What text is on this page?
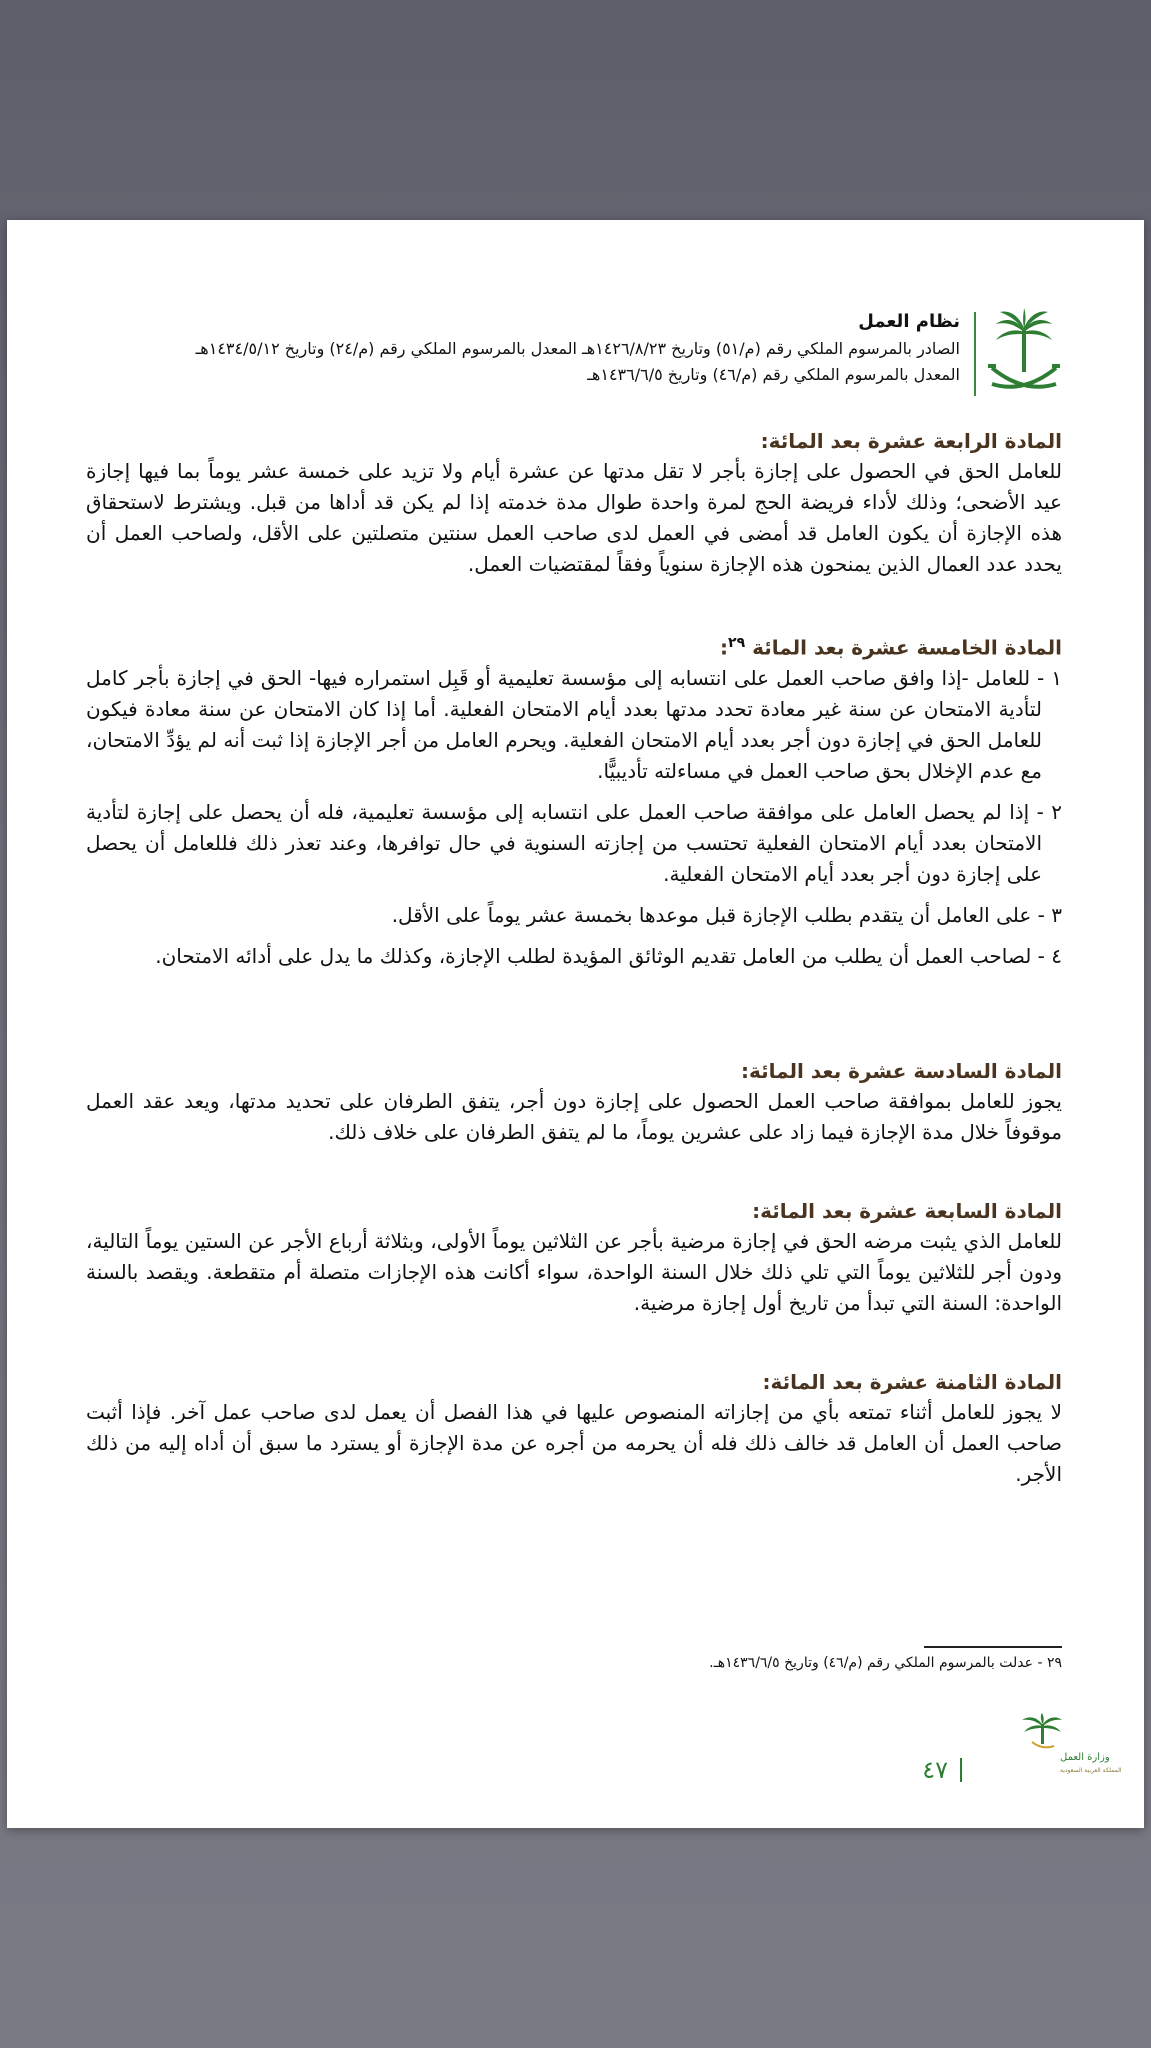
نظام العمل
الصادر بالمرسوم الملكي رقم (م/٥١) وتاريخ ١٤٢٦/٨/٢٣هـ المعدل بالمرسوم الملكي رقم (م/٢٤) وتاريخ ١٤٣٤/٥/١٢هـ
المعدل بالمرسوم الملكي رقم (م/٤٦) وتاريخ ١٤٣٦/٦/٥هـ
المادة الرابعة عشرة بعد المائة:

للعامل الحق في الحصول على إجازة بأجر لا تقل مدتها عن عشرة أيام ولا تزيد على خمسة عشر يوماً بما فيها إجازة عيد الأضحى؛ وذلك لأداء فريضة الحج لمرة واحدة طوال مدة خدمته إذا لم يكن قد أداها من قبل. ويشترط لاستحقاق هذه الإجازة أن يكون العامل قد أمضى في العمل لدى صاحب العمل سنتين متصلتين على الأقل، ولصاحب العمل أن يحدد عدد العمال الذين يمنحون هذه الإجازة سنوياً وفقاً لمقتضيات العمل.

المادة الخامسة عشرة بعد المائة $^{٢٩}$:

١ - للعامل -إذا وافق صاحب العمل على انتسابه إلى مؤسسة تعليمية أو قَبِل استمراره فيها- الحق في إجازة بأجر كامل لتأدية الامتحان عن سنة غير معادة تحدد مدتها بعدد أيام الامتحان الفعلية. أما إذا كان الامتحان عن سنة معادة فيكون للعامل الحق في إجازة دون أجر بعدد أيام الامتحان الفعلية. ويحرم العامل من أجر الإجازة إذا ثبت أنه لم يؤدِّ الامتحان، مع عدم الإخلال بحق صاحب العمل في مساءلته تأديبيًّا.

٢ - إذا لم يحصل العامل على موافقة صاحب العمل على انتسابه إلى مؤسسة تعليمية، فله أن يحصل على إجازة لتأدية الامتحان بعدد أيام الامتحان الفعلية تحتسب من إجازته السنوية في حال توافرها، وعند تعذر ذلك فللعامل أن يحصل على إجازة دون أجر بعدد أيام الامتحان الفعلية.

٣ - على العامل أن يتقدم بطلب الإجازة قبل موعدها بخمسة عشر يوماً على الأقل.

٤ - لصاحب العمل أن يطلب من العامل تقديم الوثائق المؤيدة لطلب الإجازة، وكذلك ما يدل على أدائه الامتحان.

المادة السادسة عشرة بعد المائة:

يجوز للعامل بموافقة صاحب العمل الحصول على إجازة دون أجر، يتفق الطرفان على تحديد مدتها، ويعد عقد العمل موقوفاً خلال مدة الإجازة فيما زاد على عشرين يوماً، ما لم يتفق الطرفان على خلاف ذلك.

المادة السابعة عشرة بعد المائة:

للعامل الذي يثبت مرضه الحق في إجازة مرضية بأجر عن الثلاثين يوماً الأولى، وبثلاثة أرباع الأجر عن الستين يوماً التالية، ودون أجر للثلاثين يوماً التي تلي ذلك خلال السنة الواحدة، سواء أكانت هذه الإجازات متصلة أم متقطعة. ويقصد بالسنة الواحدة: السنة التي تبدأ من تاريخ أول إجازة مرضية.

المادة الثامنة عشرة بعد المائة:

لا يجوز للعامل أثناء تمتعه بأي من إجازاته المنصوص عليها في هذا الفصل أن يعمل لدى صاحب عمل آخر. فإذا أثبت صاحب العمل أن العامل قد خالف ذلك فله أن يحرمه من أجره عن مدة الإجازة أو يسترد ما سبق أن أداه إليه من ذلك الأجر.

٢٩ - عدلت بالمرسوم الملكي رقم (م/٤٦) وتاريخ ١٤٣٦/٦/٥هـ.
وزارة العمل
المملكة العربية السعودية
٤٧
